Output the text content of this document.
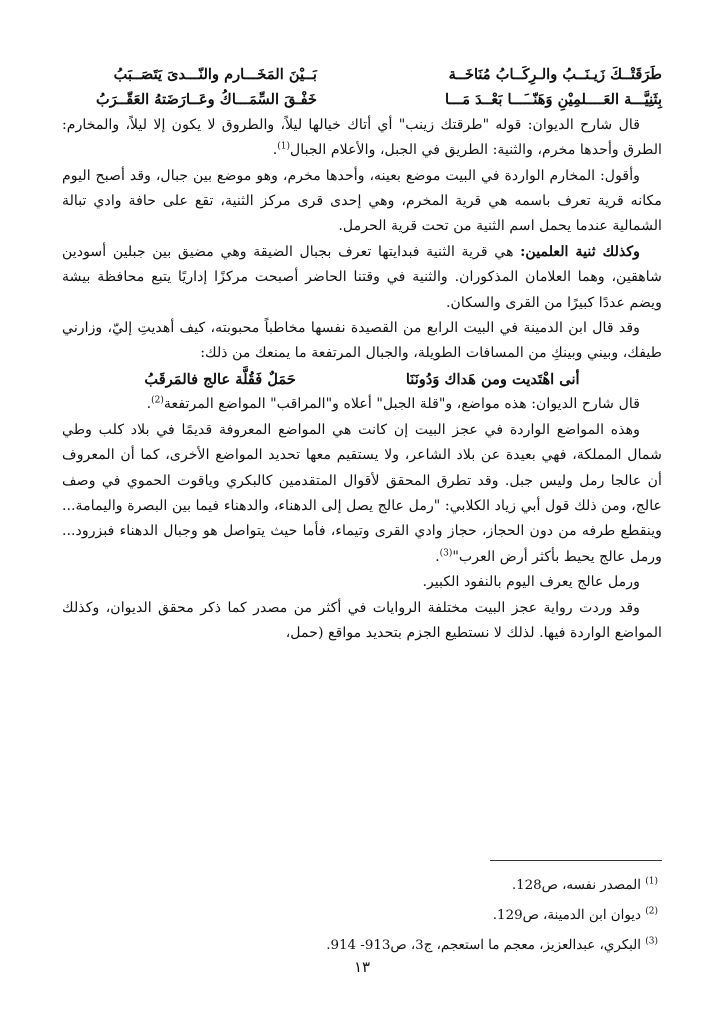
طَرَقَتْــكَ زَيـنَــبُ والـرِكَــابُ مُنَاخَــة
بَــيْنَ المَخَـــارم والنّـــدىَ يَتَصَــبَبُ
بِثَنِيَّـــة العَــــلمِيْنِ وَهَنّــَـــا بَعْــدَ مَـــا
خَفْـقَ السِّمَـــاكُ وعَــارَضَتهُ العَقّــرَبُ

قال شارح الديوان: قوله "طرقتك زينب" أي أتاك خيالها ليلاً، والطروق لا يكون إلا ليلاً، والمخارم: الطرق وأحدها مخرم، والثنية: الطريق في الجبل، والأعلام الجبال$^{(1)}$.

وأقول: المخارم الواردة في البيت موضع بعينه، وأحدها مخرم، وهو موضع بين جبال، وقد أصبح اليوم مكانه قرية تعرف باسمه هي قرية المخرم، وهي إحدى قرى مركز الثنية، تقع على حافة وادي تبالة الشمالية عندما يحمل اسم الثنية من تحت قرية الحرمل.

وكذلك ثنية العلمين: هي قرية الثنية فبدايتها تعرف بجبال الضيقة وهي مضيق بين جبلين أسودين شاهقين، وهما العلامان المذكوران. والثنية في وقتنا الحاضر أصبحت مركزًا إداريًا يتبع محافظة بيشة ويضم عددًا كبيرًا من القرى والسكان.

وقد قال ابن الدمينة في البيت الرابع من القصيدة نفسها مخاطباً محبوبته، كيف أهديتِ إليّ، وزارني طيفك، وبيني وبينكِ من المسافات الطويلة، والجبال المرتفعة ما يمنعك من ذلك:

أنى اهْتَديت ومن هَداك وَدُونَنَا
حَمَلٌ فَقُلَّة عالج فالمَرقَبُ

قال شارح الديوان: هذه مواضع، و"قلة الجبل" أعلاه و"المراقب" المواضع المرتفعة$^{(2)}$.

وهذه المواضع الواردة في عجز البيت إن كانت هي المواضع المعروفة قديمًا في بلاد كلب وطي شمال المملكة، فهي بعيدة عن بلاد الشاعر، ولا يستقيم معها تحديد المواضع الأخرى، كما أن المعروف أن عالجا رمل وليس جبل. وقد تطرق المحقق لأقوال المتقدمين كالبكري وياقوت الحموي في وصف عالج، ومن ذلك قول أبي زياد الكلابي: "رمل عالج يصل إلى الدهناء، والدهناء فيما بين البصرة واليمامة... وينقطع طرفه من دون الحجاز، حجاز وادي القرى وتيماء، فأما حيث يتواصل هو وجبال الدهناء فبزرود... ورمل عالج يحيط بأكثر أرض العرب"$^{(3)}$.

ورمل عالج يعرف اليوم بالنفود الكبير.

وقد وردت رواية عجز البيت مختلفة الروايات في أكثر من مصدر كما ذكر محقق الديوان، وكذلك المواضع الواردة فيها. لذلك لا نستطيع الجزم بتحديد مواقع (حمل،

$^{(1)}$ المصدر نفسه، ص128.
$^{(2)}$ ديوان ابن الدمينة، ص129.
$^{(3)}$ البكري، عبدالعزيز، معجم ما استعجم، ج3، ص913- 914.
١٣
